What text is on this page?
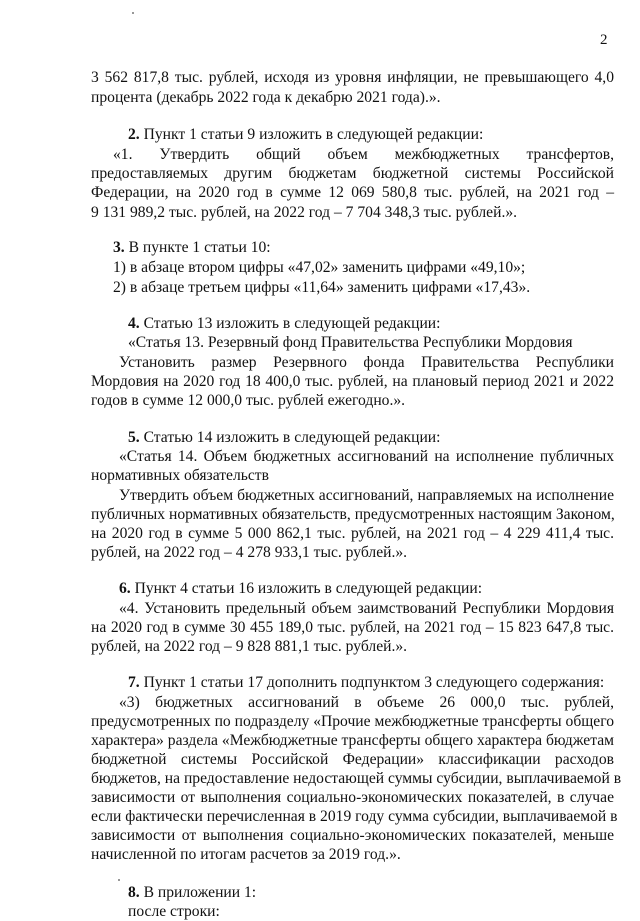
2
3 562 817,8 тыс. рублей, исходя из уровня инфляции, не превышающего 4,0
процента (декабрь 2022 года к декабрю 2021 года).».
2. Пункт 1 статьи 9 изложить в следующей редакции:
«1. Утвердить общий объем межбюджетных трансфертов,
предоставляемых другим бюджетам бюджетной системы Российской
Федерации, на 2020 год в сумме 12 069 580,8 тыс. рублей, на 2021 год –
9 131 989,2 тыс. рублей, на 2022 год – 7 704 348,3 тыс. рублей.».
3. В пункте 1 статьи 10:
1) в абзаце втором цифры «47,02» заменить цифрами «49,10»;
2) в абзаце третьем цифры «11,64» заменить цифрами «17,43».
4. Статью 13 изложить в следующей редакции:
«Статья 13. Резервный фонд Правительства Республики Мордовия
Установить размер Резервного фонда Правительства Республики
Мордовия на 2020 год 18 400,0 тыс. рублей, на плановый период 2021 и 2022
годов в сумме 12 000,0 тыс. рублей ежегодно.».
5. Статью 14 изложить в следующей редакции:
«Статья 14. Объем бюджетных ассигнований на исполнение публичных
нормативных обязательств
Утвердить объем бюджетных ассигнований, направляемых на исполнение
публичных нормативных обязательств, предусмотренных настоящим Законом,
на 2020 год в сумме 5 000 862,1 тыс. рублей, на 2021 год – 4 229 411,4 тыс.
рублей, на 2022 год – 4 278 933,1 тыс. рублей.».
6. Пункт 4 статьи 16 изложить в следующей редакции:
«4. Установить предельный объем заимствований Республики Мордовия
на 2020 год в сумме 30 455 189,0 тыс. рублей, на 2021 год – 15 823 647,8 тыс.
рублей, на 2022 год – 9 828 881,1 тыс. рублей.».
7. Пункт 1 статьи 17 дополнить подпунктом 3 следующего содержания:
«3) бюджетных ассигнований в объеме 26 000,0 тыс. рублей,
предусмотренных по подразделу «Прочие межбюджетные трансферты общего
характера» раздела «Межбюджетные трансферты общего характера бюджетам
бюджетной системы Российской Федерации» классификации расходов
бюджетов, на предоставление недостающей суммы субсидии, выплачиваемой в
зависимости от выполнения социально-экономических показателей, в случае
если фактически перечисленная в 2019 году сумма субсидии, выплачиваемой в
зависимости от выполнения социально-экономических показателей, меньше
начисленной по итогам расчетов за 2019 год.».
8. В приложении 1:
после строки:
